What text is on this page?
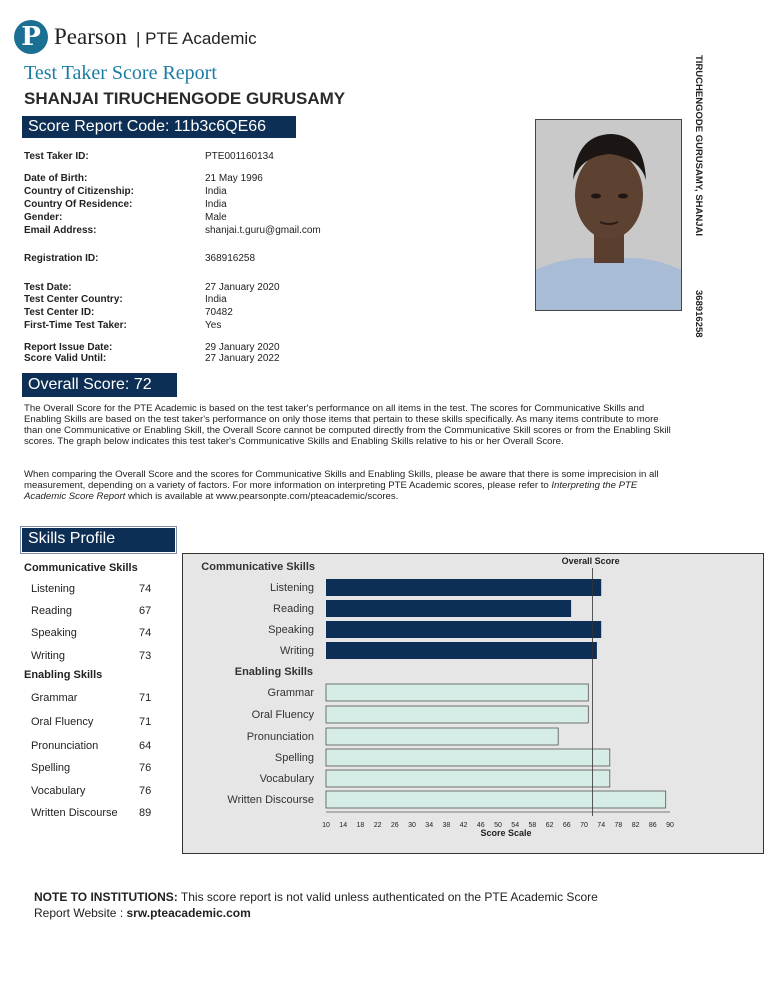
P Pearson | PTE Academic
Test Taker Score Report
SHANJAI TIRUCHENGODE GURUSAMY
Score Report Code: 11b3c6QE66
Test Taker ID:	PTE001160134
Date of Birth:	21 May 1996
Country of Citizenship:	India
Country Of Residence:	India
Gender:	Male
Email Address:	shanjai.t.guru@gmail.com
Registration ID:	368916258
Test Date:	27 January 2020
Test Center Country:	India
Test Center ID:	70482
First-Time Test Taker:	Yes
Report Issue Date:	29 January 2020
Score Valid Until:	27 January 2022
TIRUCHENGODE GURUSAMY, SHANJAI
368916258
Overall Score: 72
The Overall Score for the PTE Academic is based on the test taker's performance on all items in the test. The scores for Communicative Skills and Enabling Skills are based on the test taker's performance on only those items that pertain to these skills specifically. As many items contribute to more than one Communicative or Enabling Skill, the Overall Score cannot be computed directly from the Communicative Skill scores or from the Enabling Skill scores. The graph below indicates this test taker's Communicative Skills and Enabling Skills relative to his or her Overall Score.
When comparing the Overall Score and the scores for Communicative Skills and Enabling Skills, please be aware that there is some imprecision in all measurement, depending on a variety of factors. For more information on interpreting PTE Academic scores, please refer to Interpreting the PTE Academic Score Report which is available at www.pearsonpte.com/pteacademic/scores.
Skills Profile
Communicative Skills
Listening	74
Reading	67
Speaking	74
Writing	73
Enabling Skills
Grammar	71
Oral Fluency	71
Pronunciation	64
Spelling	76
Vocabulary	76
Written Discourse 89
Communicative Skills
Listening
Reading
Speaking
Writing
Enabling Skills
Grammar
Oral Fluency
Pronunciation
Spelling
Vocabulary
Written Discourse
10 14 18 22 26 30 34 38 42 46 50 54 58 62 66 70 74 78 82 86 90
Score Scale
Overall Score
NOTE TO INSTITUTIONS: This score report is not valid unless authenticated on the PTE Academic Score
Report Website : srw.pteacademic.com
